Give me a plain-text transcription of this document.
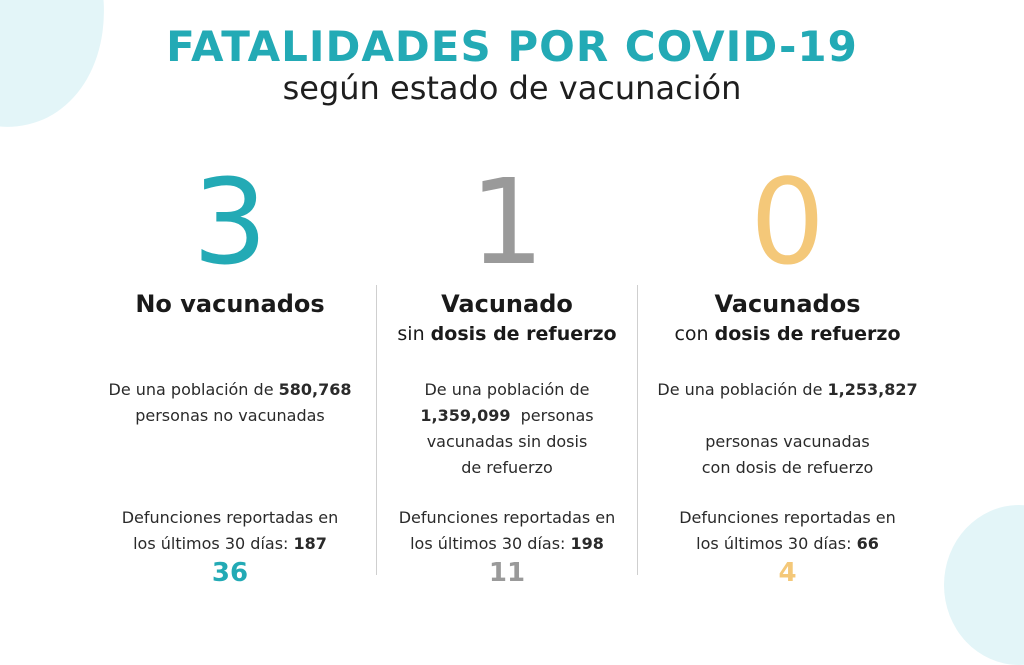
FATALIDADES POR COVID-19
según estado de vacunación
3
No vacunados
De una población de 580,768
personas no vacunadas
Defunciones reportadas en
los últimos 30 días: 187
36
1
Vacunado
sin dosis de refuerzo
De una población de
1,359,099  personas
vacunadas sin dosis
de refuerzo
Defunciones reportadas en
los últimos 30 días: 198
11
0
Vacunados
con dosis de refuerzo
De una población de 1,253,827

personas vacunadas
con dosis de refuerzo
Defunciones reportadas en
los últimos 30 días: 66
4
